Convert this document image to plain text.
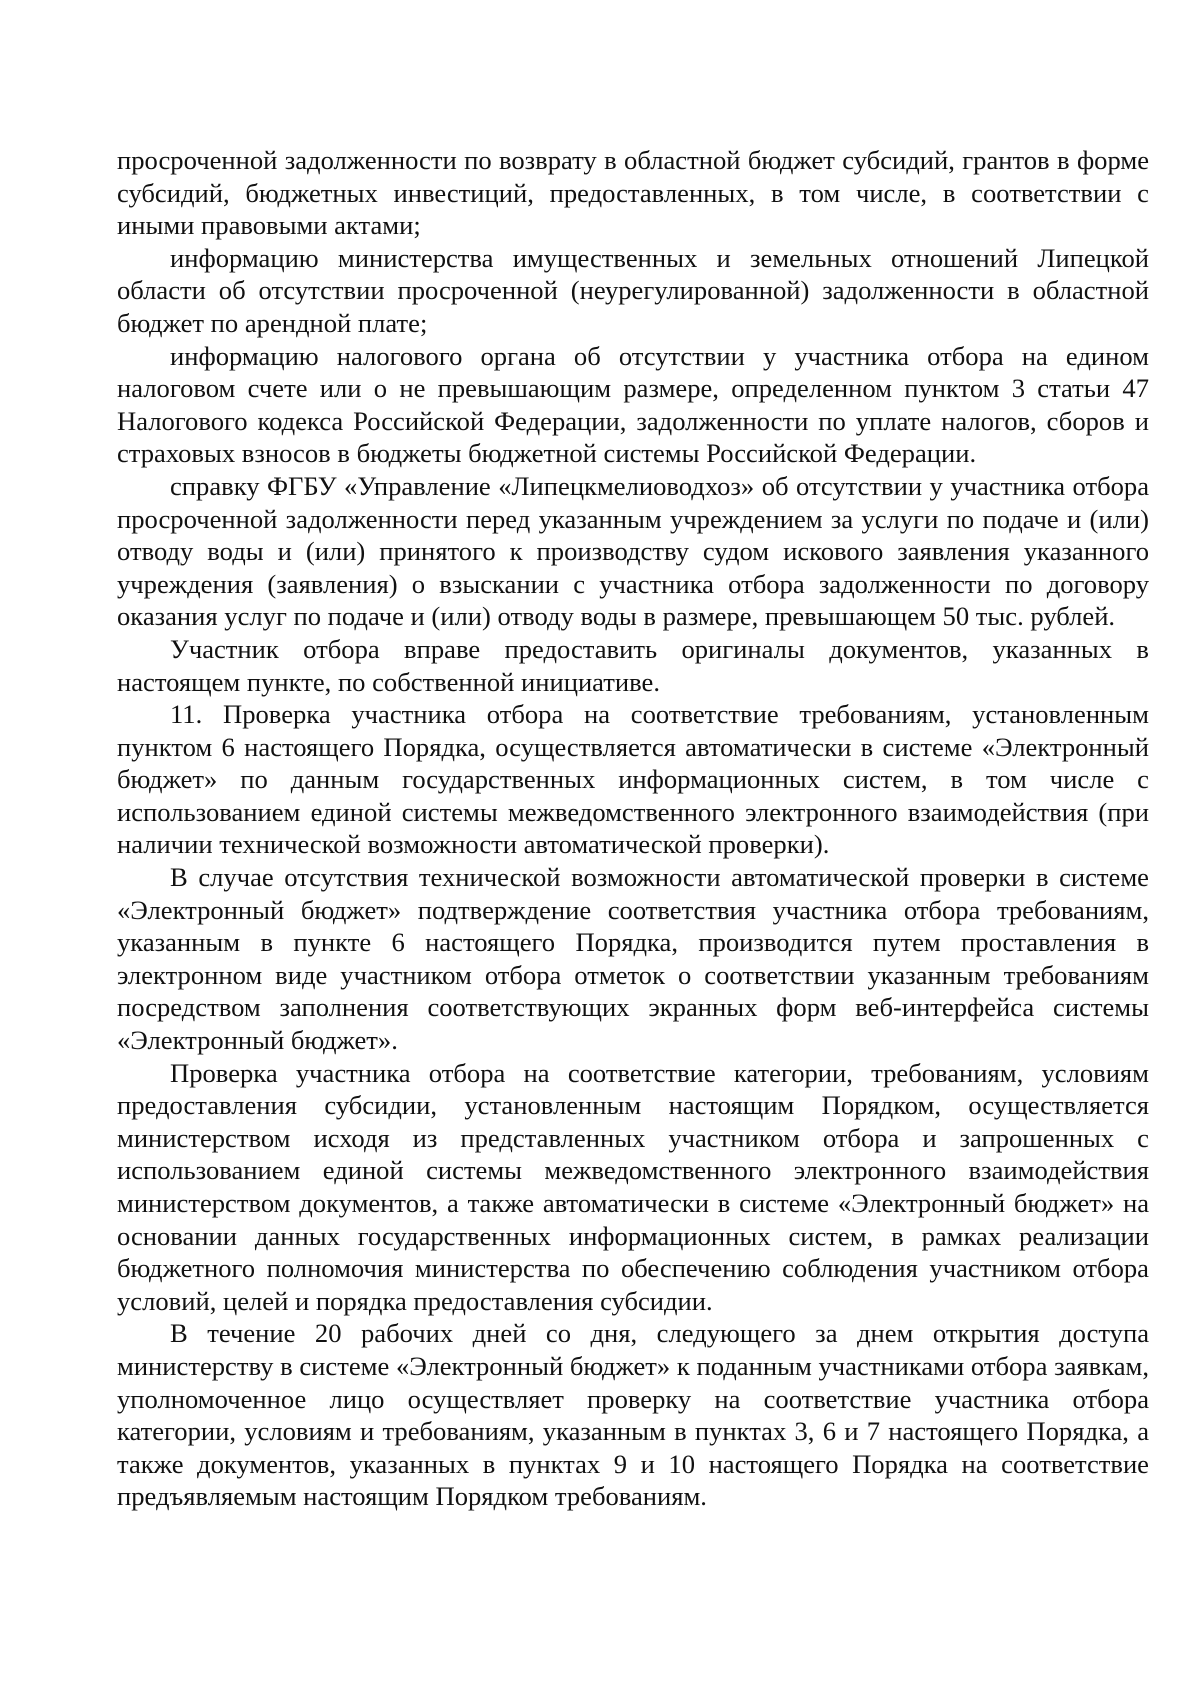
просроченной задолженности по возврату в областной бюджет субсидий, грантов в форме субсидий, бюджетных инвестиций, предоставленных, в том числе, в соответствии с иными правовыми актами;

информацию министерства имущественных и земельных отношений Липецкой области об отсутствии просроченной (неурегулированной) задолженности в областной бюджет по арендной плате;

информацию налогового органа об отсутствии у участника отбора на едином налоговом счете или о не превышающим размере, определенном пунктом 3 статьи 47 Налогового кодекса Российской Федерации, задолженности по уплате налогов, сборов и страховых взносов в бюджеты бюджетной системы Российской Федерации.

справку ФГБУ «Управление «Липецкмелиоводхоз» об отсутствии у участника отбора просроченной задолженности перед указанным учреждением за услуги по подаче и (или) отводу воды и (или) принятого к производству судом искового заявления указанного учреждения (заявления) о взыскании с участника отбора задолженности по договору оказания услуг по подаче и (или) отводу воды в размере, превышающем 50 тыс. рублей.

Участник отбора вправе предоставить оригиналы документов, указанных в настоящем пункте, по собственной инициативе.

11. Проверка участника отбора на соответствие требованиям, установленным пунктом 6 настоящего Порядка, осуществляется автоматически в системе «Электронный бюджет» по данным государственных информационных систем, в том числе с использованием единой системы межведомственного электронного взаимодействия (при наличии технической возможности автоматической проверки).

В случае отсутствия технической возможности автоматической проверки в системе «Электронный бюджет» подтверждение соответствия участника отбора требованиям, указанным в пункте 6 настоящего Порядка, производится путем проставления в электронном виде участником отбора отметок о соответствии указанным требованиям посредством заполнения соответствующих экранных форм веб-интерфейса системы «Электронный бюджет».

Проверка участника отбора на соответствие категории, требованиям, условиям предоставления субсидии, установленным настоящим Порядком, осуществляется министерством исходя из представленных участником отбора и запрошенных с использованием единой системы межведомственного электронного взаимодействия министерством документов, а также автоматически в системе «Электронный бюджет» на основании данных государственных информационных систем, в рамках реализации бюджетного полномочия министерства по обеспечению соблюдения участником отбора условий, целей и порядка предоставления субсидии.

В течение 20 рабочих дней со дня, следующего за днем открытия доступа министерству в системе «Электронный бюджет» к поданным участниками отбора заявкам, уполномоченное лицо осуществляет проверку на соответствие участника отбора категории, условиям и требованиям, указанным в пунктах 3, 6 и 7 настоящего Порядка, а также документов, указанных в пунктах 9 и 10 настоящего Порядка на соответствие предъявляемым настоящим Порядком требованиям.
